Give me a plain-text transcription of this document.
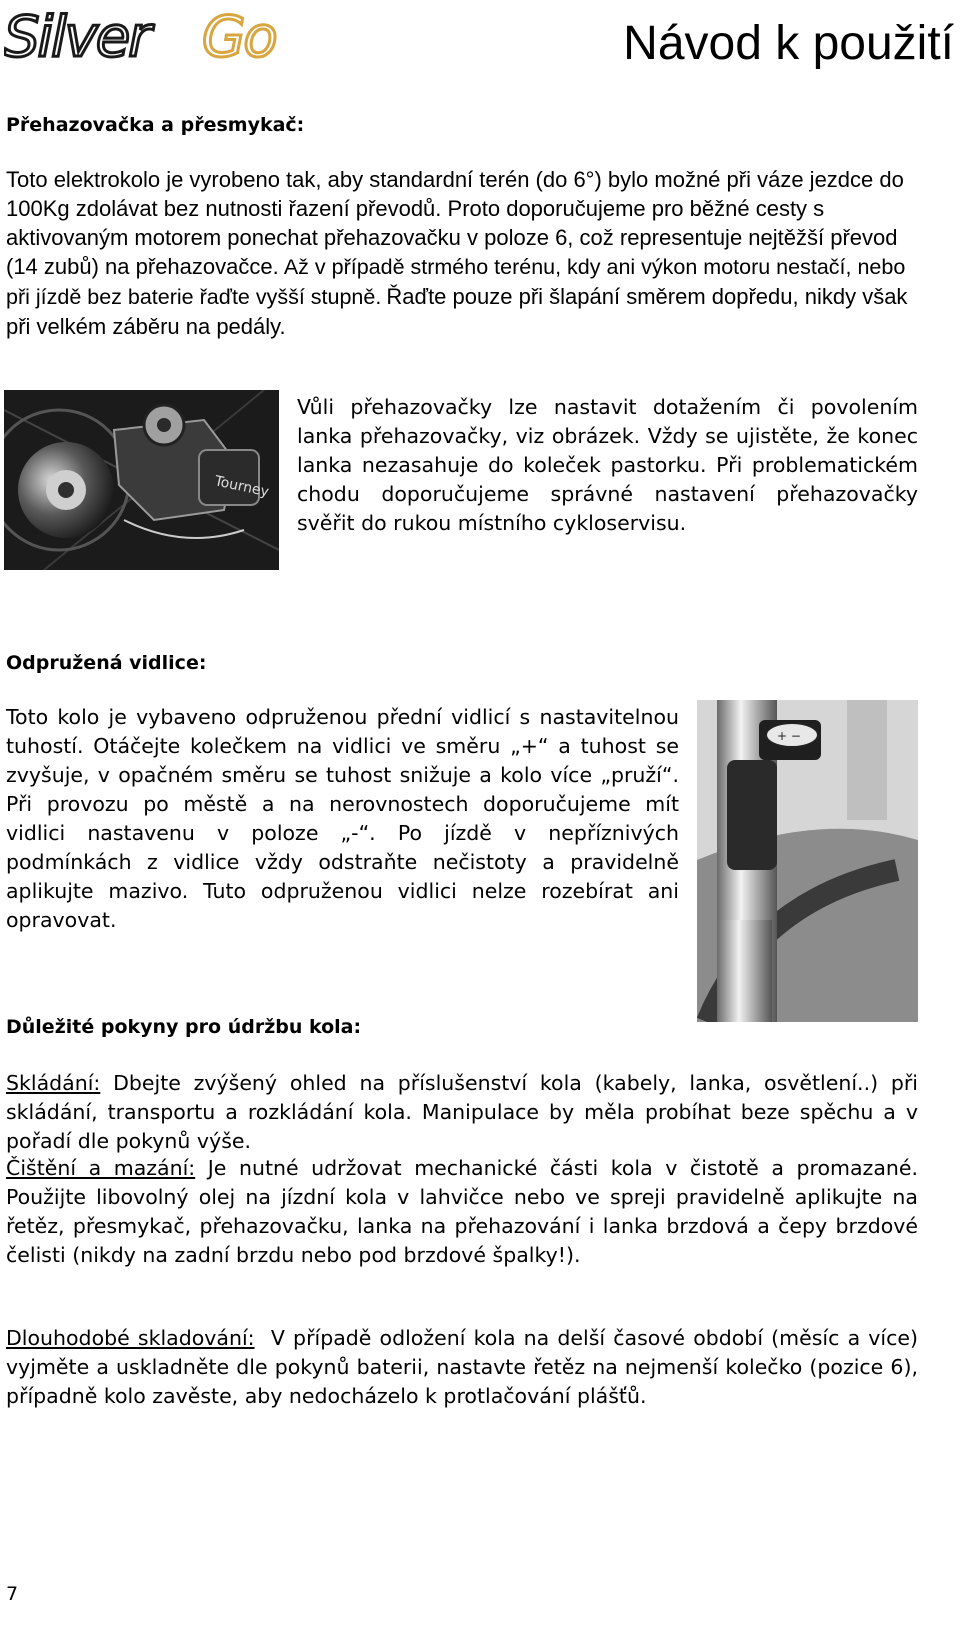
Silver Go	Návod k použití
Přehazovačka a přesmykač:

Toto elektrokolo je vyrobeno tak, aby standardní terén (do 6°) bylo možné při váze jezdce do 100Kg zdolávat bez nutnosti řazení převodů. Proto doporučujeme pro běžné cesty s aktivovaným motorem ponechat přehazovačku v poloze 6, což representuje nejtěžší převod (14 zubů) na přehazovačce.

Až v případě strmého terénu, kdy ani výkon motoru nestačí, nebo při jízdě bez baterie řaďte vyšší stupně.

Řaďte pouze při šlapání směrem dopředu, nikdy však při velkém záběru na pedály.

Tourney

Vůli přehazovačky lze nastavit dotažením či povolením lanka přehazovačky, viz obrázek. Vždy se ujistěte, že konec lanka nezasahuje do koleček pastorku. Při problematickém chodu doporučujeme správné nastavení přehazovačky svěřit do rukou místního cykloservisu.

Odpružená vidlice:

Toto kolo je vybaveno odpruženou přední vidlicí s nastavitelnou tuhostí. Otáčejte kolečkem na vidlici ve směru „+“ a tuhost se zvyšuje, v opačném směru se tuhost snižuje a kolo více „pruží“. Při provozu po městě a na nerovnostech doporučujeme mít vidlici nastavenu v poloze „-“. Po jízdě v nepříznivých podmínkách z vidlice vždy odstraňte nečistoty a pravidelně aplikujte mazivo. Tuto odpruženou vidlici nelze rozebírat ani opravovat.

+ −
Důležité pokyny pro údržbu kola:

Skládání: Dbejte zvýšený ohled na příslušenství kola (kabely, lanka, osvětlení..) při skládání, transportu a rozkládání kola. Manipulace by měla probíhat beze spěchu a v pořadí dle pokynů výše.

Čištění a mazání: Je nutné udržovat mechanické části kola v čistotě a promazané. Použijte libovolný olej na jízdní kola v lahvičce nebo ve spreji pravidelně aplikujte na řetěz, přesmykač, přehazovačku, lanka na přehazování i lanka brzdová a čepy brzdové čelisti (nikdy na zadní brzdu nebo pod brzdové špalky!).

Dlouhodobé skladování:  V případě odložení kola na delší časové období (měsíc a více) vyjměte a uskladněte dle pokynů baterii, nastavte řetěz na nejmenší kolečko (pozice 6), případně kolo zavěste, aby nedocházelo k protlačování plášťů.

7
